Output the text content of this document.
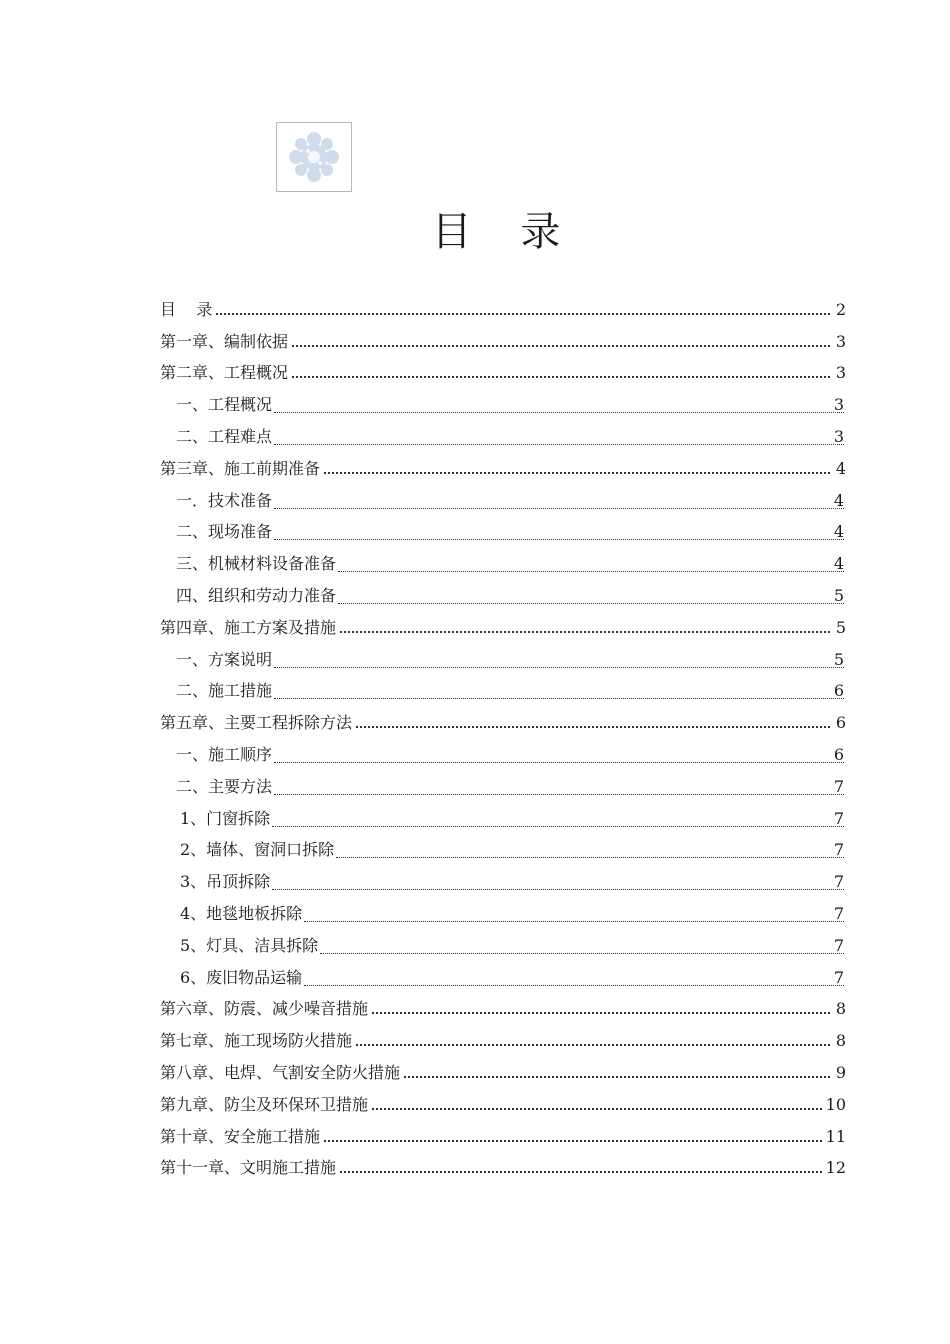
目 录
目    录	2
第一章、编制依据	3
第二章、工程概况	3
一、工程概况	3
二、工程难点	3
第三章、施工前期准备	4
一．技术准备	4
二、现场准备	4
三、机械材料设备准备	4
四、组织和劳动力准备	5
第四章、施工方案及措施	5
一、方案说明	5
二、施工措施	6
第五章、主要工程拆除方法	6
一、施工顺序	6
二、主要方法	7
1、门窗拆除	7
2、墙体、窗洞口拆除	7
3、吊顶拆除	7
4、地毯地板拆除	7
5、灯具、洁具拆除	7
6、废旧物品运输	7
第六章、防震、减少噪音措施	8
第七章、施工现场防火措施	8
第八章、电焊、气割安全防火措施	9
第九章、防尘及环保环卫措施	10
第十章、安全施工措施	11
第十一章、文明施工措施	12
